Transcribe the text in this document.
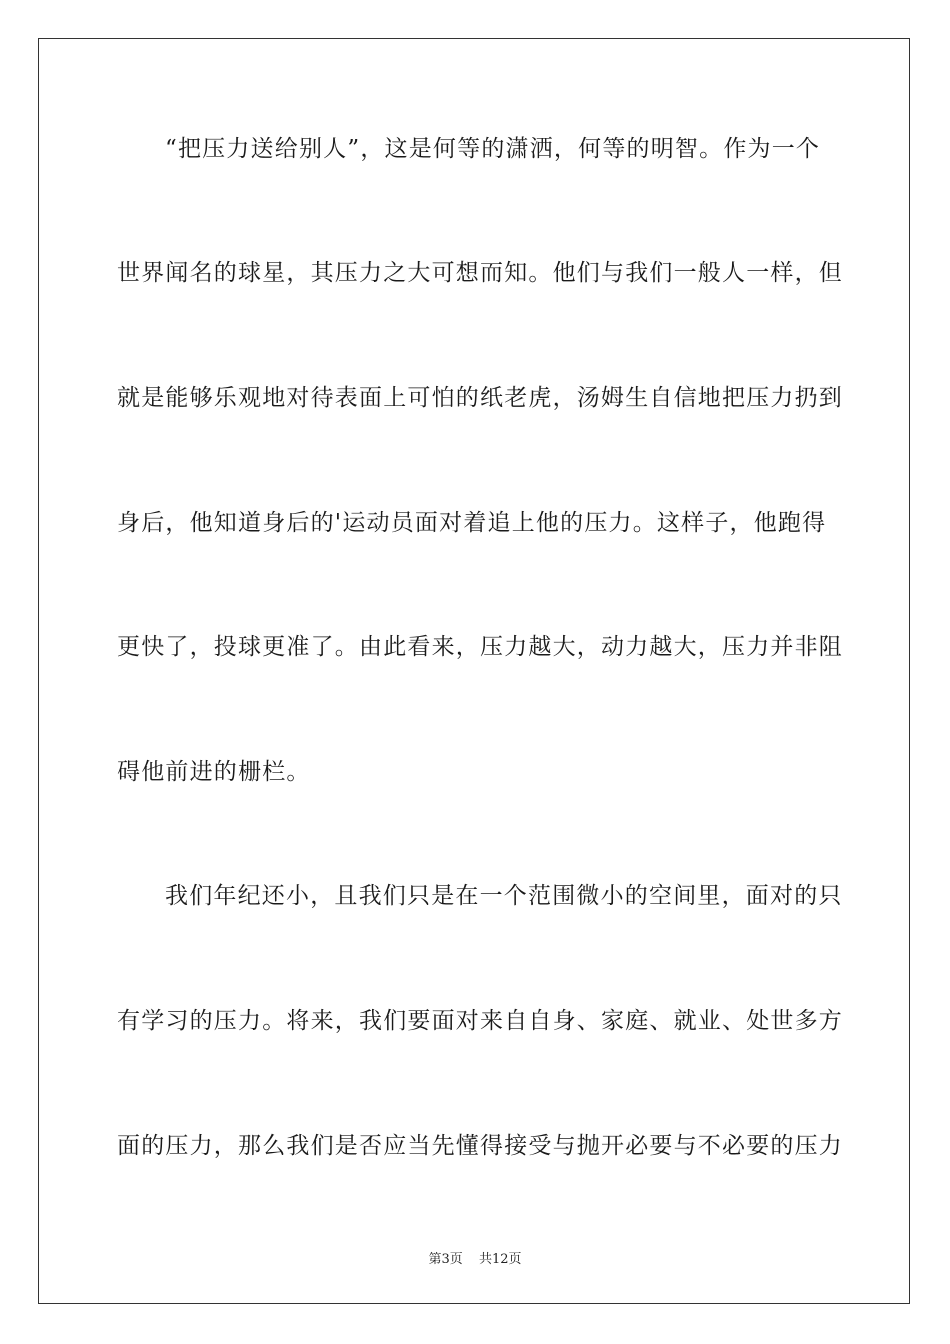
“把压力送给别人”，这是何等的潇洒，何等的明智。作为一个
世界闻名的球星，其压力之大可想而知。他们与我们一般人一样，但
就是能够乐观地对待表面上可怕的纸老虎，汤姆生自信地把压力扔到
身后，他知道身后的'运动员面对着追上他的压力。这样子，他跑得
更快了，投球更准了。由此看来，压力越大，动力越大，压力并非阻
碍他前进的栅栏。
我们年纪还小，且我们只是在一个范围微小的空间里，面对的只
有学习的压力。将来，我们要面对来自自身、家庭、就业、处世多方
面的压力，那么我们是否应当先懂得接受与抛开必要与不必要的压力
第3页 共12页
